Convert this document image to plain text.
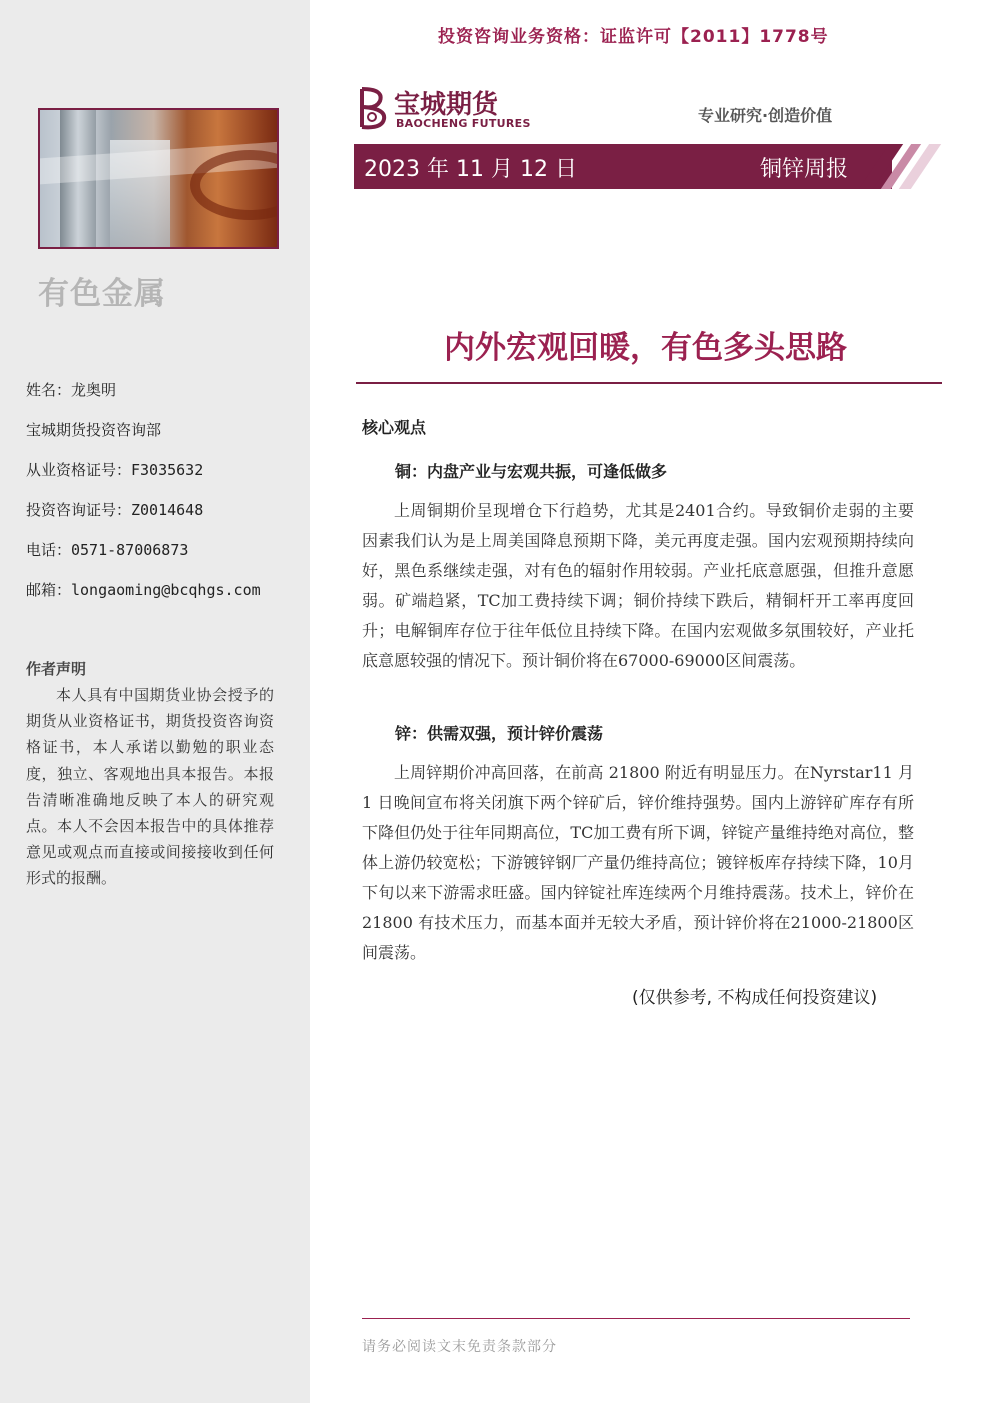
有色金属
姓名：龙奥明
宝城期货投资咨询部
从业资格证号：F3035632
投资咨询证号：Z0014648
电话：0571-87006873
邮箱：longaoming@bcqhgs.com
作者声明
本人具有中国期货业协会授予的期货从业资格证书，期货投资咨询资格证书，本人承诺以勤勉的职业态度，独立、客观地出具本报告。本报告清晰准确地反映了本人的研究观点。本人不会因本报告中的具体推荐意见或观点而直接或间接接收到任何形式的报酬。
投资咨询业务资格：证监许可【2011】1778号
宝城期货
BAOCHENG FUTURES	专业研究·创造价值
2023 年 11 月 12 日	铜锌周报
内外宏观回暖，有色多头思路
核心观点
铜：内盘产业与宏观共振，可逢低做多
上周铜期价呈现增仓下行趋势，尤其是2401合约。导致铜价走弱的主要因素我们认为是上周美国降息预期下降，美元再度走强。国内宏观预期持续向好，黑色系继续走强，对有色的辐射作用较弱。产业托底意愿强，但推升意愿弱。矿端趋紧，TC加工费持续下调；铜价持续下跌后，精铜杆开工率再度回升；电解铜库存位于往年低位且持续下降。在国内宏观做多氛围较好，产业托底意愿较强的情况下。预计铜价将在67000-69000区间震荡。
锌：供需双强，预计锌价震荡
上周锌期价冲高回落，在前高 21800 附近有明显压力。在Nyrstar11 月 1 日晚间宣布将关闭旗下两个锌矿后，锌价维持强势。国内上游锌矿库存有所下降但仍处于往年同期高位，TC加工费有所下调，锌锭产量维持绝对高位，整体上游仍较宽松；下游镀锌钢厂产量仍维持高位；镀锌板库存持续下降，10月下旬以来下游需求旺盛。国内锌锭社库连续两个月维持震荡。技术上，锌价在 21800 有技术压力，而基本面并无较大矛盾，预计锌价将在21000-21800区间震荡。
(仅供参考, 不构成任何投资建议)
请务必阅读文末免责条款部分
